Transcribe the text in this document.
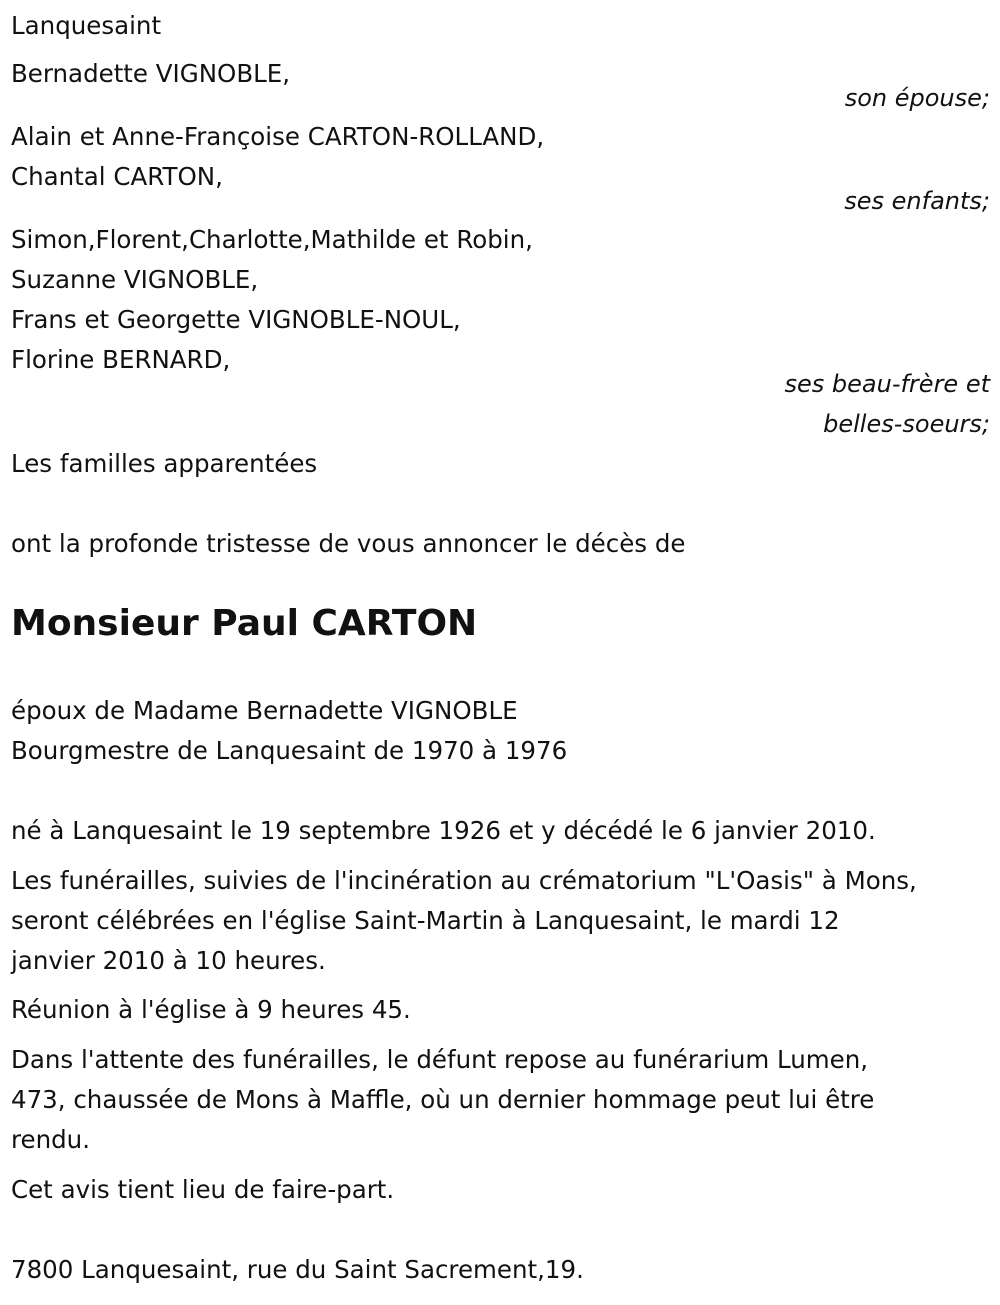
Lanquesaint
Bernadette VIGNOBLE,
son épouse;
Alain et Anne-Françoise CARTON-ROLLAND,
Chantal CARTON,
ses enfants;
Simon,Florent,Charlotte,Mathilde et Robin,
Suzanne VIGNOBLE,
Frans et Georgette VIGNOBLE-NOUL,
Florine BERNARD,
ses beau-frère et
belles-soeurs;
Les familles apparentées
ont la profonde tristesse de vous annoncer le décès de
Monsieur Paul CARTON
époux de Madame Bernadette VIGNOBLE
Bourgmestre de Lanquesaint de 1970 à 1976
né à Lanquesaint le 19 septembre 1926 et y décédé le 6 janvier 2010.
Les funérailles, suivies de l'incinération au crématorium "L'Oasis" à Mons,
seront célébrées en l'église Saint-Martin à Lanquesaint, le mardi 12
janvier 2010 à 10 heures.
Réunion à l'église à 9 heures 45.
Dans l'attente des funérailles, le défunt repose au funérarium Lumen,
473, chaussée de Mons à Maffle, où un dernier hommage peut lui être
rendu.
Cet avis tient lieu de faire-part.
7800 Lanquesaint, rue du Saint Sacrement,19.
